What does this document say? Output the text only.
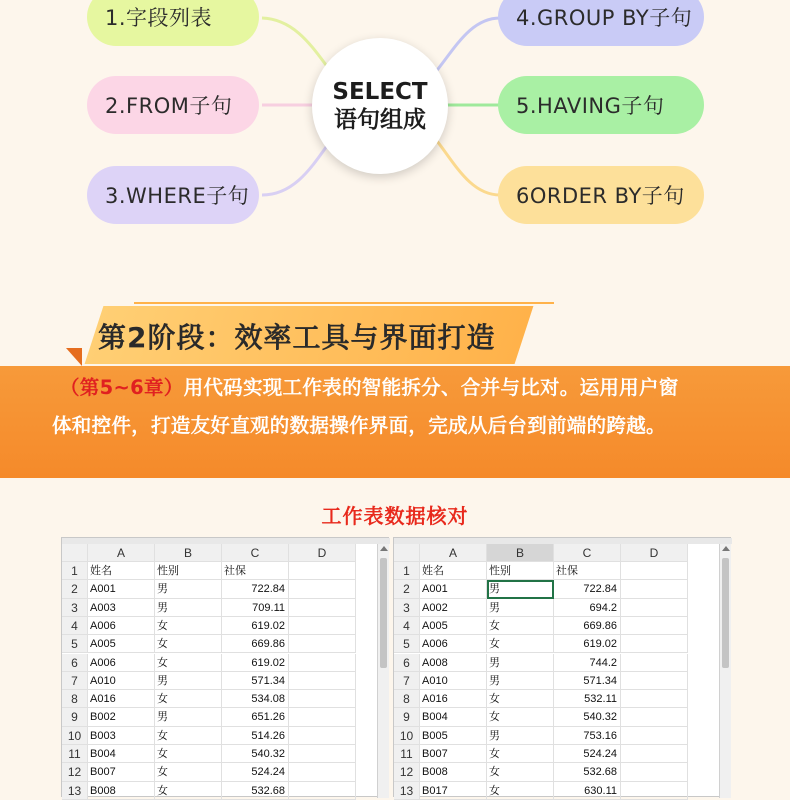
1.字段列表
2.FROM子句
3.WHERE子句
4.GROUP BY子句
5.HAVING子句
6ORDER BY子句
SELECT
语句组成

（第5~6章）用代码实现工作表的智能拆分、合并与比对。运用用户窗

体和控件，打造友好直观的数据操作界面，完成从后台到前端的跨越。

第2阶段：效率工具与界面打造
工作表数据核对
A	B	C	D
1	姓名	性别	社保
2	A001	男	722.84
3	A003	男	709.11
4	A006	女	619.02
5	A005	女	669.86
6	A006	女	619.02
7	A010	男	571.34
8	A016	女	534.08
9	B002	男	651.26
10 B003	女	514.26
11 B004	女	540.32
12 B007	女	524.24
13 B008	女	532.68
A	B	C	D
1	姓名	性别	社保
2	A001	男	722.84
3	A002	男	694.2
4	A005	女	669.86
5	A006	女	619.02
6	A008	男	744.2
7	A010	男	571.34
8	A016	女	532.11
9	B004	女	540.32
10 B005	男	753.16
11 B007	女	524.24
12 B008	女	532.68
13 B017	女	630.11
